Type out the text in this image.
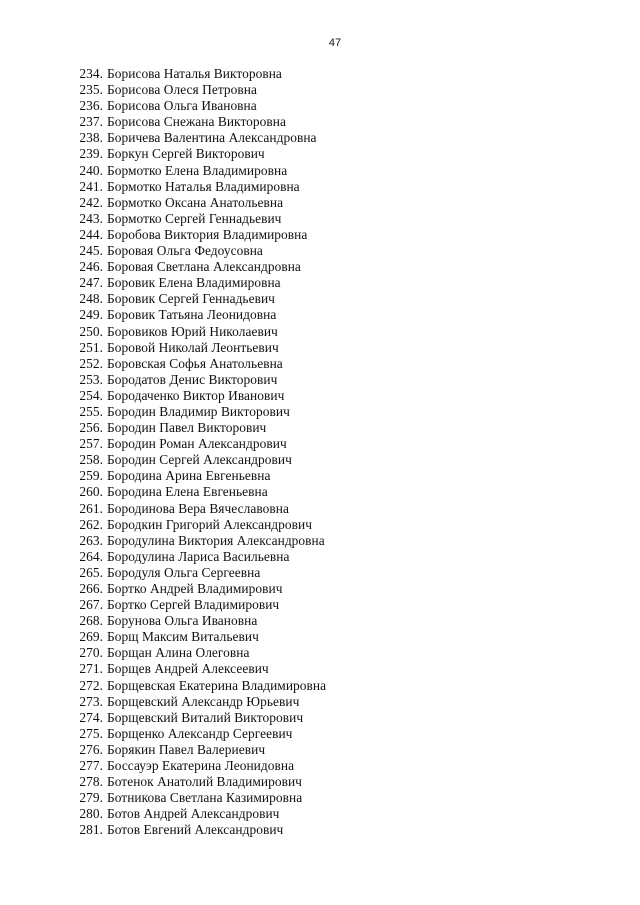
47
234. Борисова Наталья Викторовна
235. Борисова Олеся Петровна
236. Борисова Ольга Ивановна
237. Борисова Снежана Викторовна
238. Боричева Валентина Александровна
239. Боркун Сергей Викторович
240. Бормотко Елена Владимировна
241. Бормотко Наталья Владимировна
242. Бормотко Оксана Анатольевна
243. Бормотко Сергей Геннадьевич
244. Боробова Виктория Владимировна
245. Боровая Ольга Федоусовна
246. Боровая Светлана Александровна
247. Боровик Елена Владимировна
248. Боровик Сергей Геннадьевич
249. Боровик Татьяна Леонидовна
250. Боровиков Юрий Николаевич
251. Боровой Николай Леонтьевич
252. Боровская Софья Анатольевна
253. Бородатов Денис Викторович
254. Бородаченко Виктор Иванович
255. Бородин Владимир Викторович
256. Бородин Павел Викторович
257. Бородин Роман Александрович
258. Бородин Сергей Александрович
259. Бородина Арина Евгеньевна
260. Бородина Елена Евгеньевна
261. Бородинова Вера Вячеславовна
262. Бородкин Григорий Александрович
263. Бородулина Виктория Александровна
264. Бородулина Лариса Васильевна
265. Бородуля Ольга Сергеевна
266. Бортко Андрей Владимирович
267. Бортко Сергей Владимирович
268. Борунова Ольга Ивановна
269. Борщ Максим Витальевич
270. Борщан Алина Олеговна
271. Борщев Андрей Алексеевич
272. Борщевская Екатерина Владимировна
273. Борщевский Александр Юрьевич
274. Борщевский Виталий Викторович
275. Борщенко Александр Сергеевич
276. Борякин Павел Валериевич
277. Боссауэр Екатерина Леонидовна
278. Ботенок Анатолий Владимирович
279. Ботникова Светлана Казимировна
280. Ботов Андрей Александрович
281. Ботов Евгений Александрович
